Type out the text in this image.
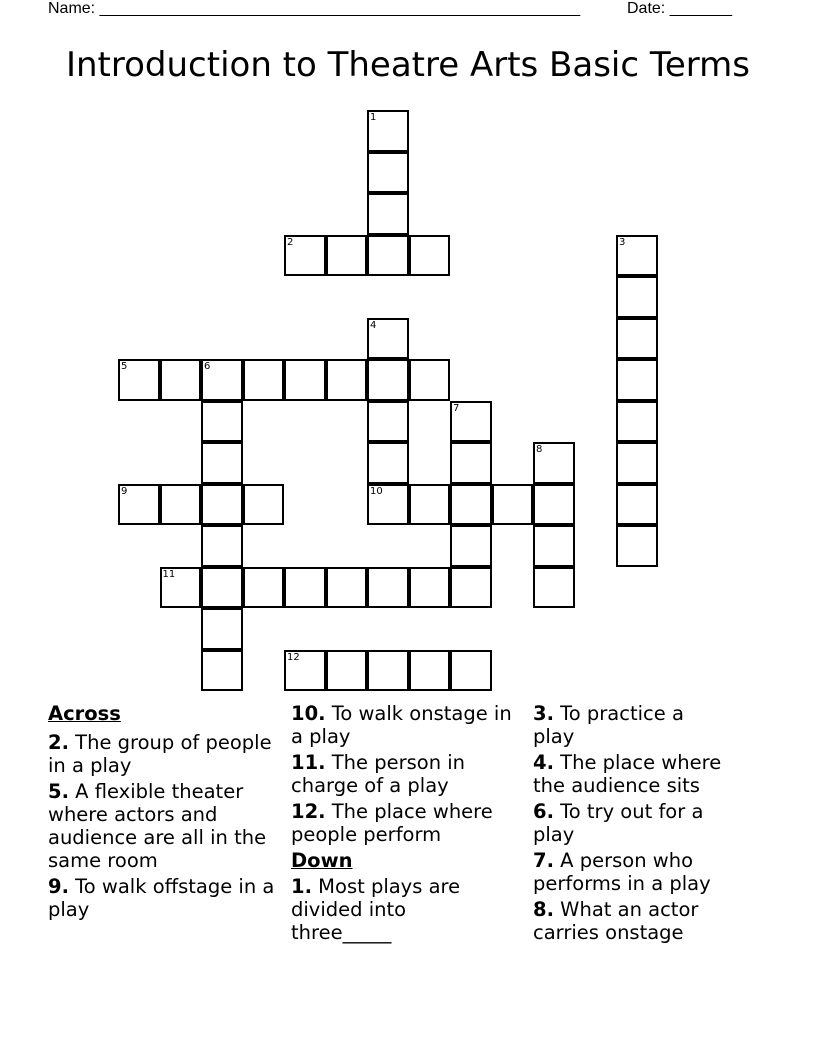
Name: ______________________________________________________	Date: _______
Introduction to Theatre Arts Basic Terms
1
2	3
4
5	6
7
8
9	10
11
12
Across
2. The group of people in a play
5. A flexible theater where actors and audience are all in the same room
9. To walk offstage in a play
10. To walk onstage in a play
11. The person in charge of a play
12. The place where people perform
Down
1. Most plays are divided into three_____
3. To practice a play
4. The place where the audience sits
6. To try out for a play
7. A person who performs in a play
8. What an actor carries onstage
